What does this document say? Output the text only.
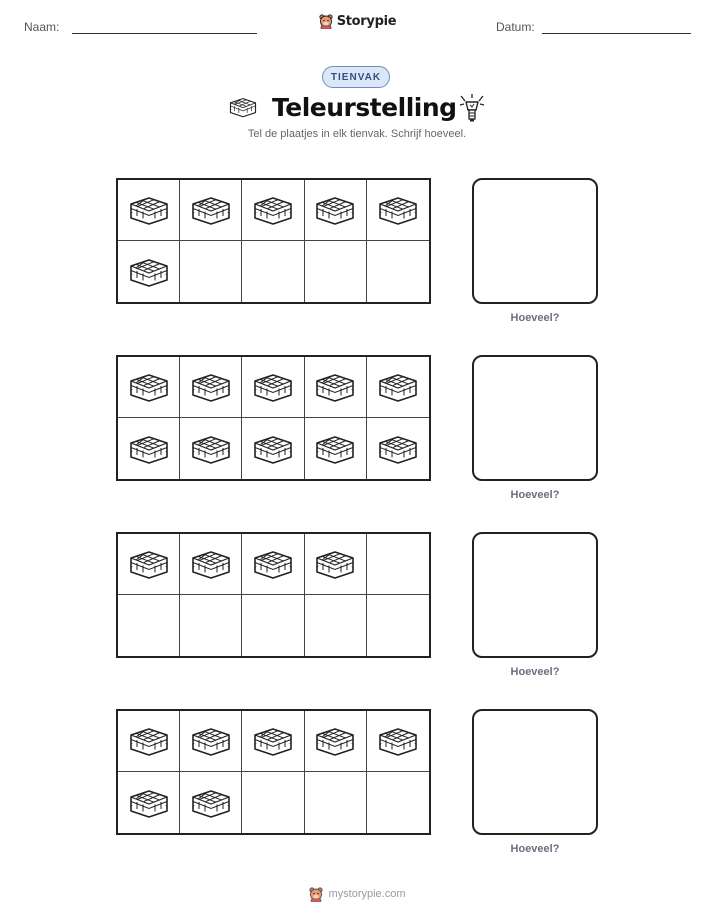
Naam:	Storypie	Datum:
TIENVAK
Teleurstelling
Tel de plaatjes in elk tienvak. Schrijf hoeveel.
Hoeveel?
Hoeveel?
Hoeveel?
Hoeveel?
mystorypie.com
